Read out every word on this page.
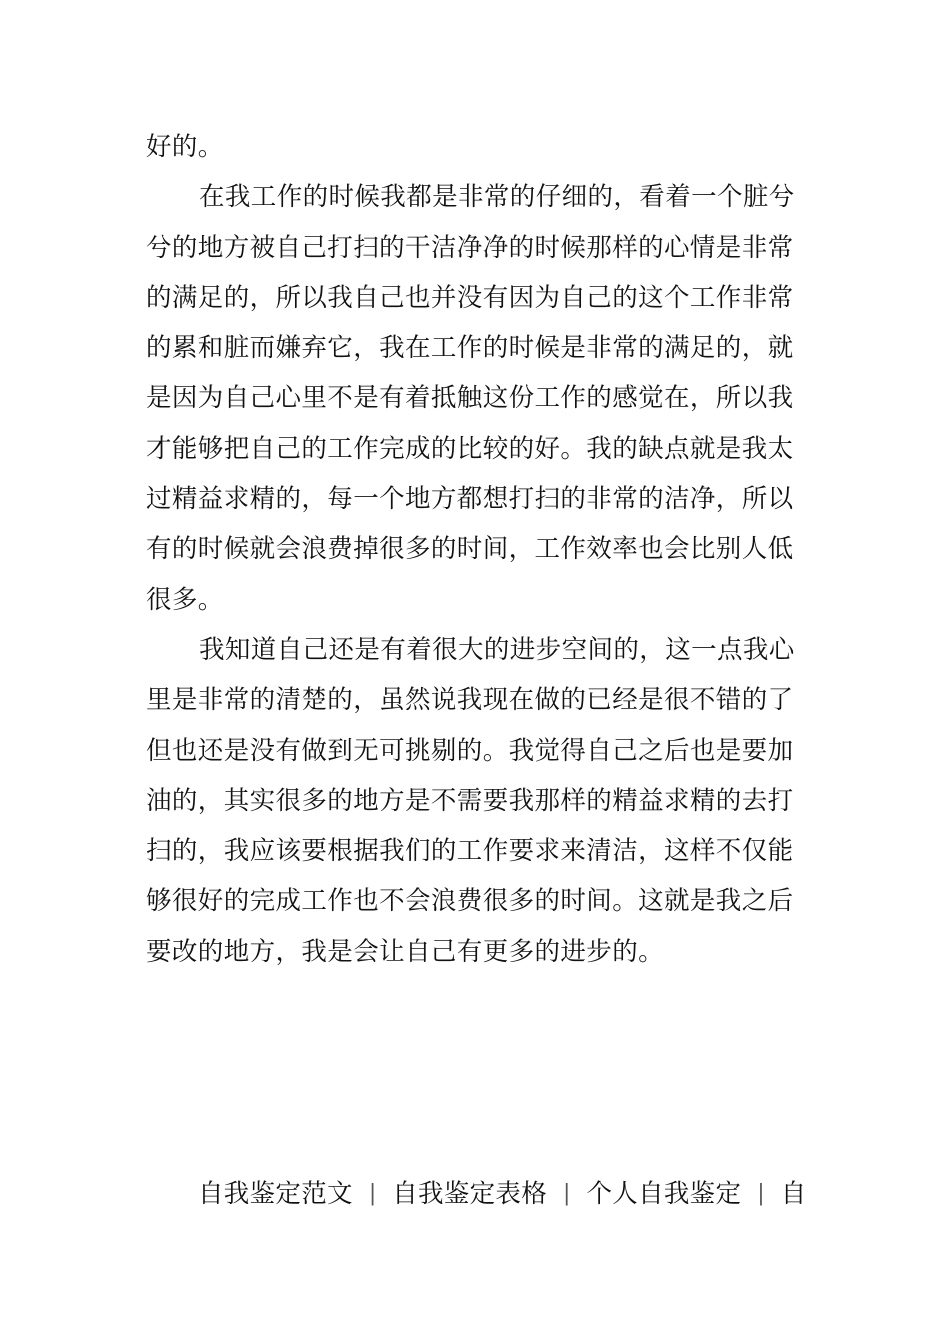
好的。
在我工作的时候我都是非常的仔细的，看着一个脏兮
兮的地方被自己打扫的干洁净净的时候那样的心情是非常
的满足的，所以我自己也并没有因为自己的这个工作非常
的累和脏而嫌弃它，我在工作的时候是非常的满足的，就
是因为自己心里不是有着抵触这份工作的感觉在，所以我
才能够把自己的工作完成的比较的好。我的缺点就是我太
过精益求精的，每一个地方都想打扫的非常的洁净，所以
有的时候就会浪费掉很多的时间，工作效率也会比别人低
很多。
我知道自己还是有着很大的进步空间的，这一点我心
里是非常的清楚的，虽然说我现在做的已经是很不错的了
但也还是没有做到无可挑剔的。我觉得自己之后也是要加
油的，其实很多的地方是不需要我那样的精益求精的去打
扫的，我应该要根据我们的工作要求来清洁，这样不仅能
够很好的完成工作也不会浪费很多的时间。这就是我之后
要改的地方，我是会让自己有更多的进步的。
自我鉴定范文 | 自我鉴定表格 | 个人自我鉴定 | 自
